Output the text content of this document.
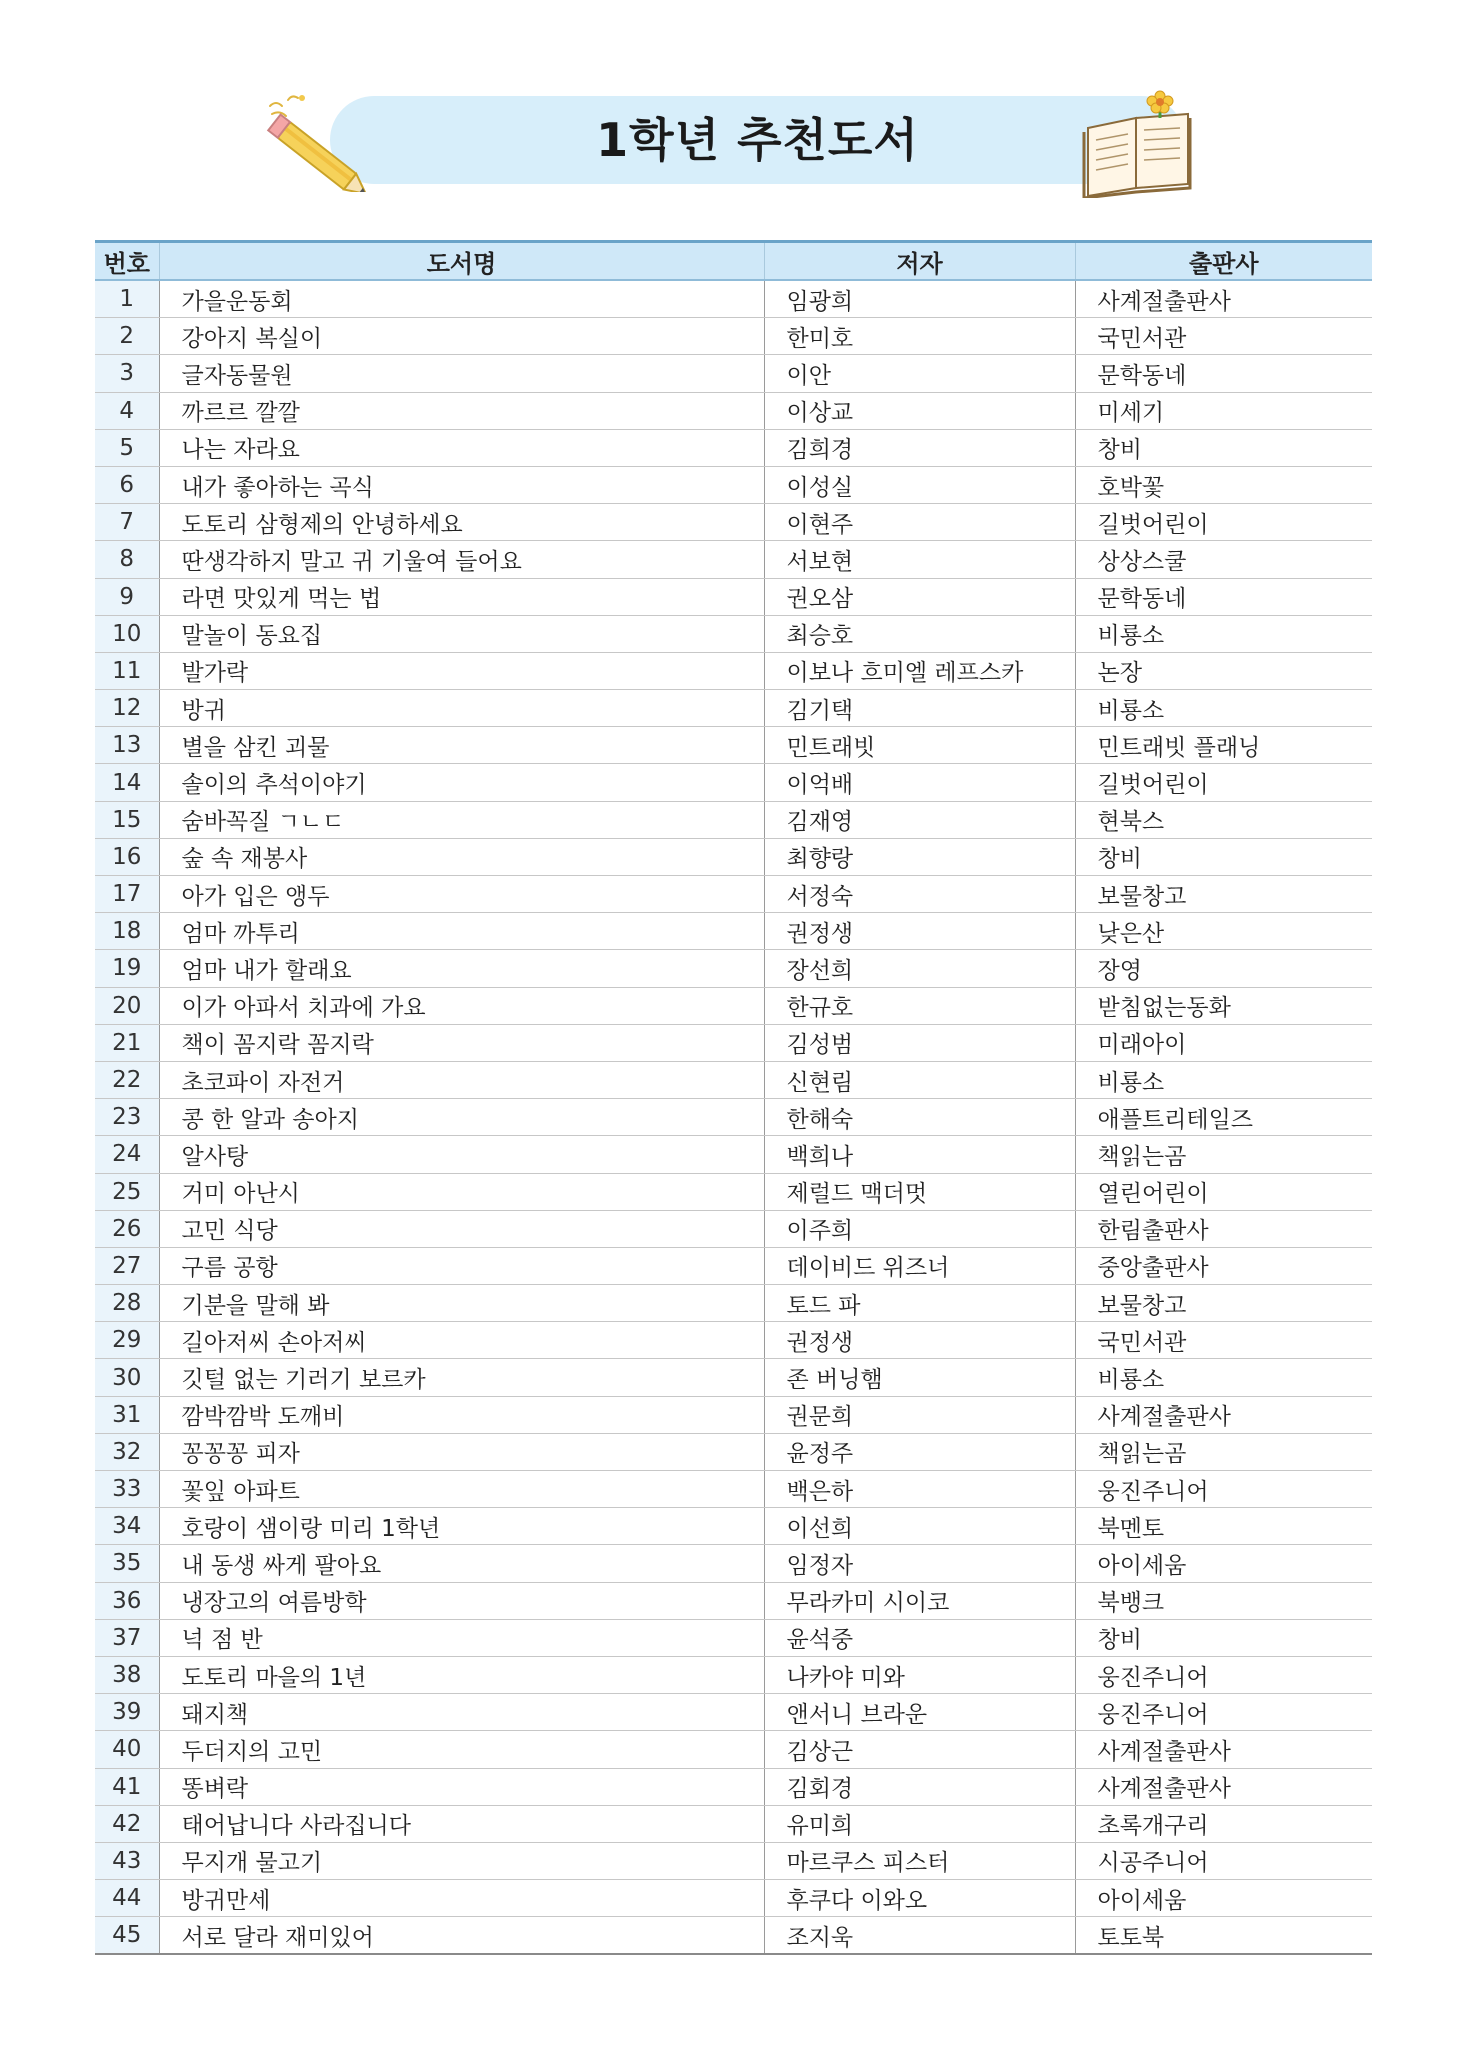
1학년 추천도서
번호	도서명	저자	출판사
1	가을운동회	임광희	사계절출판사
2	강아지 복실이	한미호	국민서관
3	글자동물원	이안	문학동네
4	까르르 깔깔	이상교	미세기
5	나는 자라요	김희경	창비
6	내가 좋아하는 곡식	이성실	호박꽃
7	도토리 삼형제의 안녕하세요	이현주	길벗어린이
8	딴생각하지 말고 귀 기울여 들어요	서보현	상상스쿨
9	라면 맛있게 먹는 법	권오삼	문학동네
10	말놀이 동요집	최승호	비룡소
11	발가락	이보나 흐미엘 레프스카	논장
12	방귀	김기택	비룡소
13	별을 삼킨 괴물	민트래빗	민트래빗 플래닝
14	솔이의 추석이야기	이억배	길벗어린이
15	숨바꼭질 ㄱㄴㄷ	김재영	현북스
16	숲 속 재봉사	최향랑	창비
17	아가 입은 앵두	서정숙	보물창고
18	엄마 까투리	권정생	낮은산
19	엄마 내가 할래요	장선희	장영
20	이가 아파서 치과에 가요	한규호	받침없는동화
21	책이 꼼지락 꼼지락	김성범	미래아이
22	초코파이 자전거	신현림	비룡소
23	콩 한 알과 송아지	한해숙	애플트리테일즈
24	알사탕	백희나	책읽는곰
25	거미 아난시	제럴드 맥더멋	열린어린이
26	고민 식당	이주희	한림출판사
27	구름 공항	데이비드 위즈너	중앙출판사
28	기분을 말해 봐	토드 파	보물창고
29	길아저씨 손아저씨	권정생	국민서관
30	깃털 없는 기러기 보르카	존 버닝햄	비룡소
31	깜박깜박 도깨비	권문희	사계절출판사
32	꽁꽁꽁 피자	윤정주	책읽는곰
33	꽃잎 아파트	백은하	웅진주니어
34	호랑이 샘이랑 미리 1학년	이선희	북멘토
35	내 동생 싸게 팔아요	임정자	아이세움
36	냉장고의 여름방학	무라카미 시이코	북뱅크
37	넉 점 반	윤석중	창비
38	도토리 마을의 1년	나카야 미와	웅진주니어
39	돼지책	앤서니 브라운	웅진주니어
40	두더지의 고민	김상근	사계절출판사
41	똥벼락	김회경	사계절출판사
42	태어납니다 사라집니다	유미희	초록개구리
43	무지개 물고기	마르쿠스 피스터	시공주니어
44	방귀만세	후쿠다 이와오	아이세움
45	서로 달라 재미있어	조지욱	토토북
